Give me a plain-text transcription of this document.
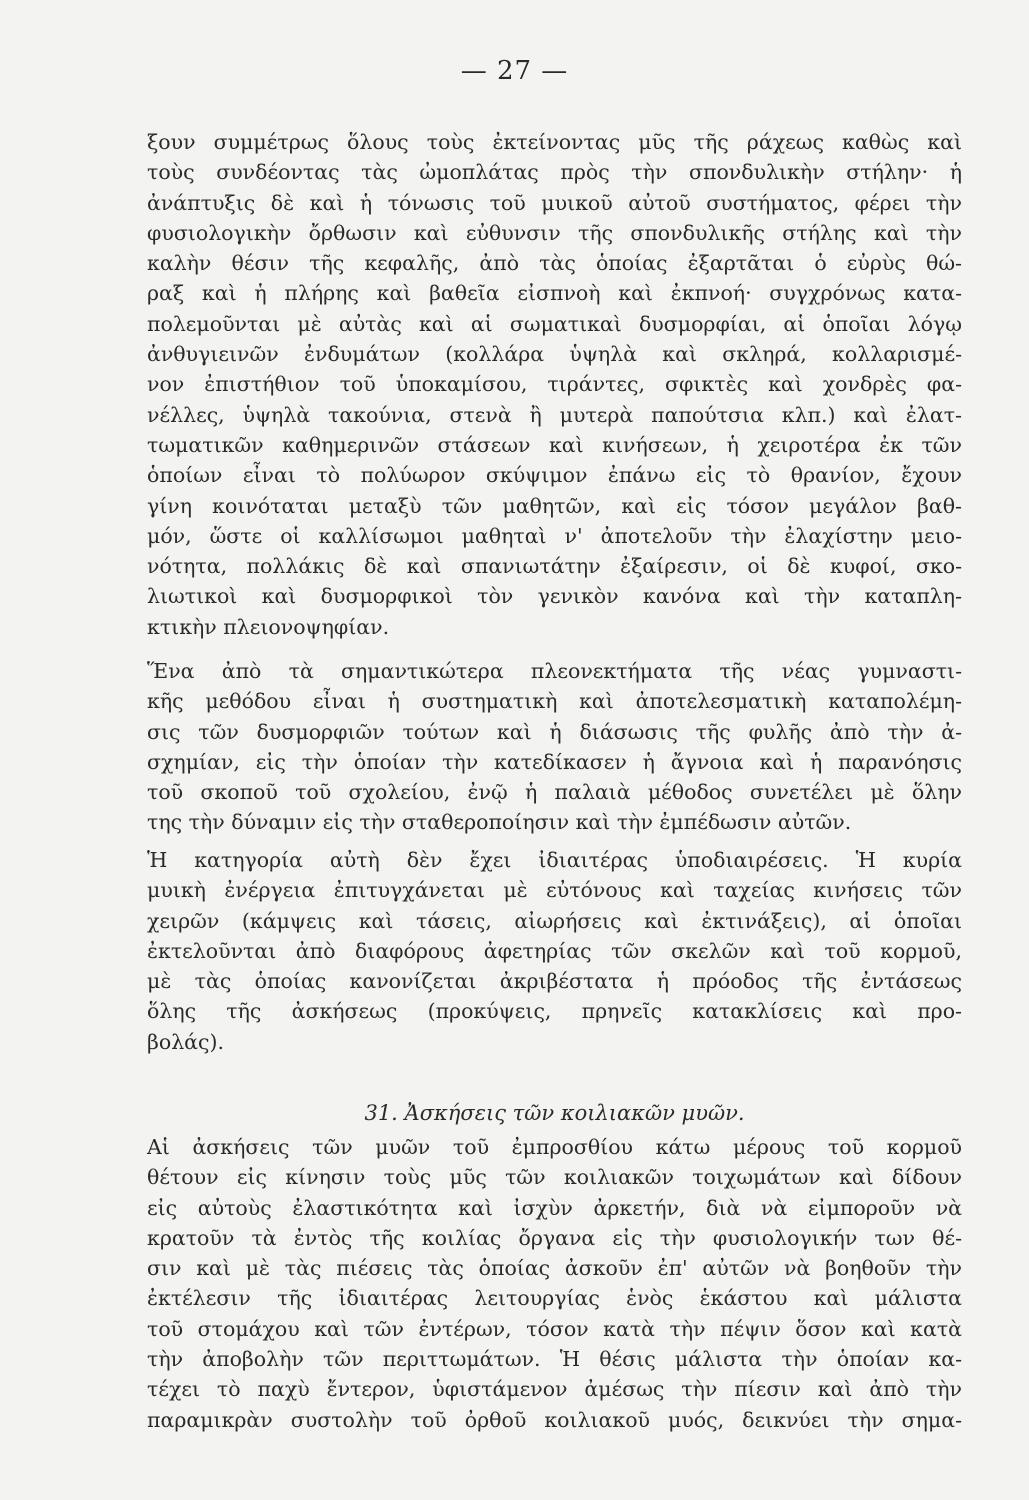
— 27 —
ξουν συμμέτρως ὅλους τοὺς ἐκτείνοντας μῦς τῆς ράχεως καθὼς καὶ
τοὺς συνδέοντας τὰς ὠμοπλάτας πρὸς τὴν σπονδυλικὴν στήλην· ἡ
ἀνάπτυξις δὲ καὶ ἡ τόνωσις τοῦ μυικοῦ αὐτοῦ συστήματος, φέρει τὴν
φυσιολογικὴν ὄρθωσιν καὶ εὐθυνσιν τῆς σπονδυλικῆς στήλης καὶ τὴν
καλὴν θέσιν τῆς κεφαλῆς, ἀπὸ τὰς ὁποίας ἐξαρτᾶται ὁ εὐρὺς θώ-
ραξ καὶ ἡ πλήρης καὶ βαθεῖα εἰσπνοὴ καὶ ἐκπνοή· συγχρόνως κατα-
πολεμοῦνται μὲ αὐτὰς καὶ αἱ σωματικαὶ δυσμορφίαι, αἱ ὁποῖαι λόγῳ
ἀνθυγιεινῶν ἐνδυμάτων (κολλάρα ὑψηλὰ καὶ σκληρά, κολλαρισμέ-
νον ἐπιστήθιον τοῦ ὑποκαμίσου, τιράντες, σφικτὲς καὶ χονδρὲς φα-
νέλλες, ὑψηλὰ τακούνια, στενὰ ἢ μυτερὰ παπούτσια κλπ.) καὶ ἐλατ-
τωματικῶν καθημερινῶν στάσεων καὶ κινήσεων, ἡ χειροτέρα ἐκ τῶν
ὁποίων εἶναι τὸ πολύωρον σκύψιμον ἐπάνω εἰς τὸ θρανίον, ἔχουν
γίνη κοινόταται μεταξὺ τῶν μαθητῶν, καὶ εἰς τόσον μεγάλον βαθ-
μόν, ὥστε οἱ καλλίσωμοι μαθηταὶ ν' ἀποτελοῦν τὴν ἐλαχίστην μειο-
νότητα, πολλάκις δὲ καὶ σπανιωτάτην ἐξαίρεσιν, οἱ δὲ κυφοί, σκο-
λιωτικοὶ καὶ δυσμορφικοὶ τὸν γενικὸν κανόνα καὶ τὴν καταπλη-
κτικὴν πλειονοψηφίαν.
Ἕνα ἀπὸ τὰ σημαντικώτερα πλεονεκτήματα τῆς νέας γυμναστι-
κῆς μεθόδου εἶναι ἡ συστηματικὴ καὶ ἀποτελεσματικὴ καταπολέμη-
σις τῶν δυσμορφιῶν τούτων καὶ ἡ διάσωσις τῆς φυλῆς ἀπὸ τὴν ἀ-
σχημίαν, εἰς τὴν ὁποίαν τὴν κατεδίκασεν ἡ ἄγνοια καὶ ἡ παρανόησις
τοῦ σκοποῦ τοῦ σχολείου, ἐνῷ ἡ παλαιὰ μέθοδος συνετέλει μὲ ὅλην
της τὴν δύναμιν εἰς τὴν σταθεροποίησιν καὶ τὴν ἐμπέδωσιν αὐτῶν.
Ἡ κατηγορία αὐτὴ δὲν ἔχει ἰδιαιτέρας ὑποδιαιρέσεις. Ἡ κυρία
μυικὴ ἐνέργεια ἐπιτυγχάνεται μὲ εὐτόνους καὶ ταχείας κινήσεις τῶν
χειρῶν (κάμψεις καὶ τάσεις, αἰωρήσεις καὶ ἐκτινάξεις), αἱ ὁποῖαι
ἐκτελοῦνται ἀπὸ διαφόρους ἀφετηρίας τῶν σκελῶν καὶ τοῦ κορμοῦ,
μὲ τὰς ὁποίας κανονίζεται ἀκριβέστατα ἡ πρόοδος τῆς ἐντάσεως
ὅλης τῆς ἀσκήσεως (προκύψεις, πρηνεῖς κατακλίσεις καὶ προ-
βολάς).
31. Ἀσκήσεις τῶν κοιλιακῶν μυῶν.
Αἱ ἀσκήσεις τῶν μυῶν τοῦ ἐμπροσθίου κάτω μέρους τοῦ κορμοῦ
θέτουν εἰς κίνησιν τοὺς μῦς τῶν κοιλιακῶν τοιχωμάτων καὶ δίδουν
εἰς αὐτοὺς ἐλαστικότητα καὶ ἰσχὺν ἀρκετήν, διὰ νὰ εἰμποροῦν νὰ
κρατοῦν τὰ ἐντὸς τῆς κοιλίας ὄργανα εἰς τὴν φυσιολογικήν των θέ-
σιν καὶ μὲ τὰς πιέσεις τὰς ὁποίας ἀσκοῦν ἐπ' αὐτῶν νὰ βοηθοῦν τὴν
ἐκτέλεσιν τῆς ἰδιαιτέρας λειτουργίας ἑνὸς ἑκάστου καὶ μάλιστα
τοῦ στομάχου καὶ τῶν ἐντέρων, τόσον κατὰ τὴν πέψιν ὅσον καὶ κατὰ
τὴν ἀποβολὴν τῶν περιττωμάτων. Ἡ θέσις μάλιστα τὴν ὁποίαν κα-
τέχει τὸ παχὺ ἔντερον, ὑφιστάμενον ἀμέσως τὴν πίεσιν καὶ ἀπὸ τὴν
παραμικρὰν συστολὴν τοῦ ὀρθοῦ κοιλιακοῦ μυός, δεικνύει τὴν σημα-
